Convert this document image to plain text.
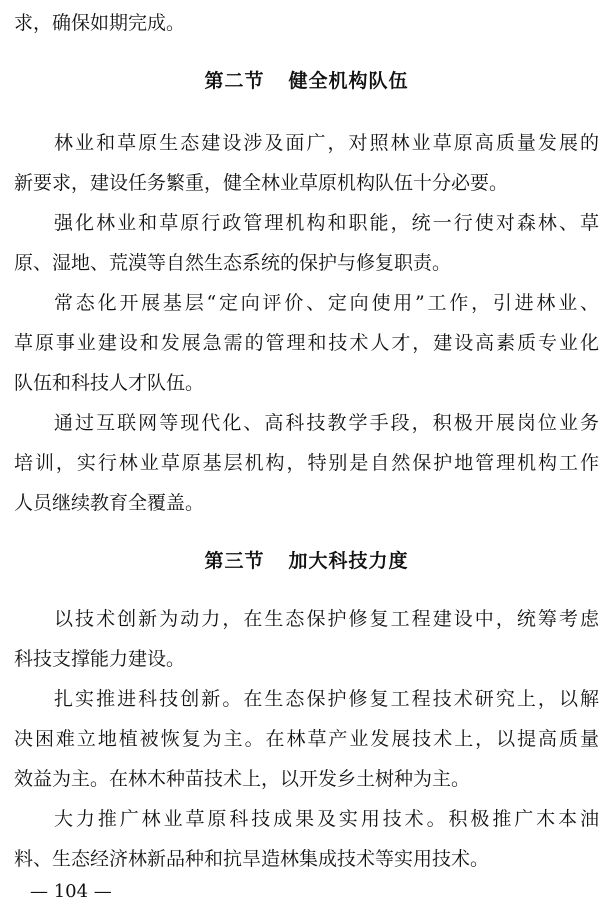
求，确保如期完成。
第二节 健全机构队伍
林业和草原生态建设涉及面广，对照林业草原高质量发展的
新要求，建设任务繁重，健全林业草原机构队伍十分必要。
强化林业和草原行政管理机构和职能，统一行使对森林、草
原、湿地、荒漠等自然生态系统的保护与修复职责。
常态化开展基层“定向评价、定向使用”工作，引进林业、
草原事业建设和发展急需的管理和技术人才，建设高素质专业化
队伍和科技人才队伍。
通过互联网等现代化、高科技教学手段，积极开展岗位业务
培训，实行林业草原基层机构，特别是自然保护地管理机构工作
人员继续教育全覆盖。
第三节 加大科技力度
以技术创新为动力，在生态保护修复工程建设中，统筹考虑
科技支撑能力建设。
扎实推进科技创新。在生态保护修复工程技术研究上，以解
决困难立地植被恢复为主。在林草产业发展技术上，以提高质量
效益为主。在林木种苗技术上，以开发乡土树种为主。
大力推广林业草原科技成果及实用技术。积极推广木本油
料、生态经济林新品种和抗旱造林集成技术等实用技术。
— 104 —
